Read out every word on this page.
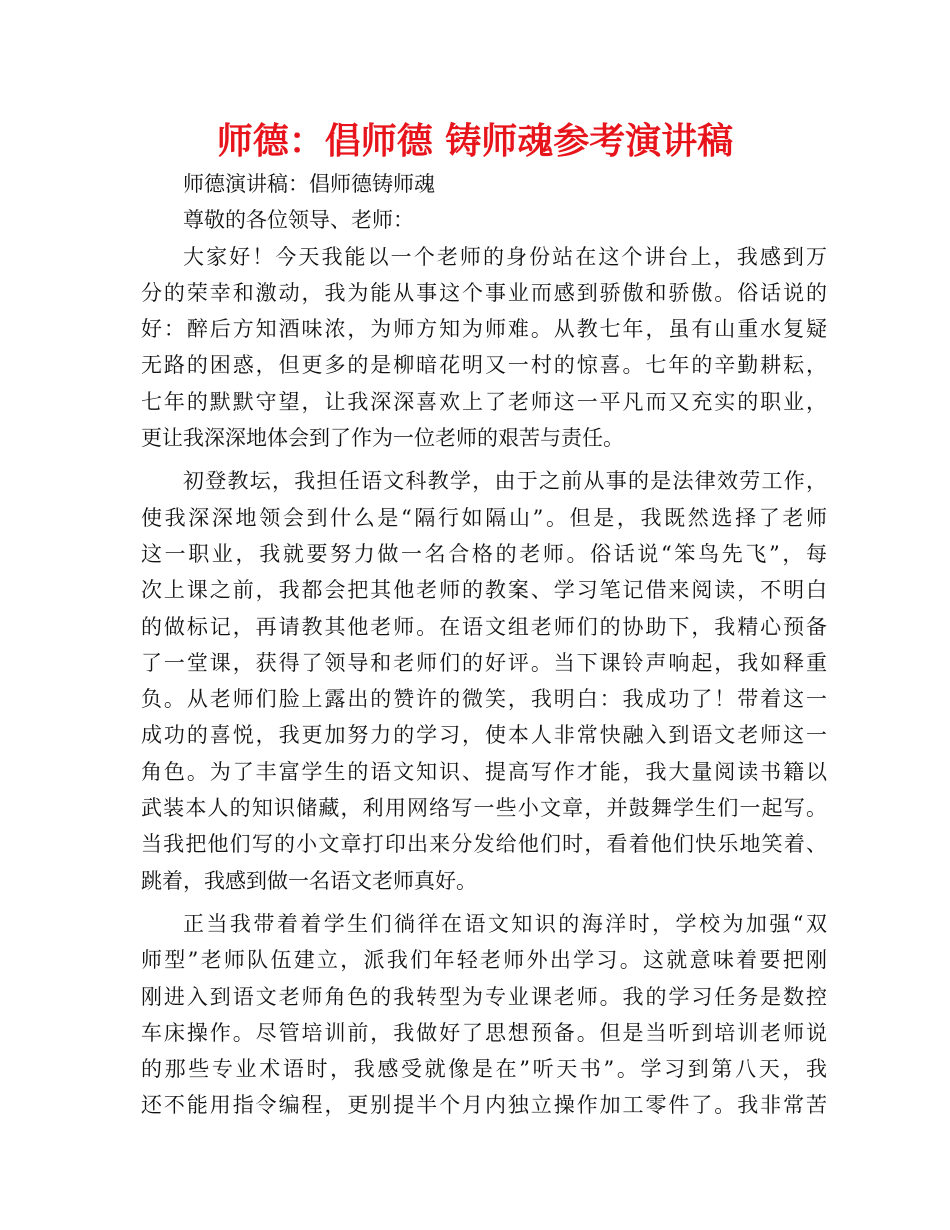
师德：倡师德 铸师魂参考演讲稿
师德演讲稿：倡师德铸师魂
尊敬的各位领导、老师：
大家好！今天我能以一个老师的身份站在这个讲台上，我感到万
分的荣幸和激动，我为能从事这个事业而感到骄傲和骄傲。俗话说的
好：醉后方知酒味浓，为师方知为师难。从教七年，虽有山重水复疑
无路的困惑，但更多的是柳暗花明又一村的惊喜。七年的辛勤耕耘，
七年的默默守望，让我深深喜欢上了老师这一平凡而又充实的职业，
更让我深深地体会到了作为一位老师的艰苦与责任。
初登教坛，我担任语文科教学，由于之前从事的是法律效劳工作，
使我深深地领会到什么是“隔行如隔山”。但是，我既然选择了老师
这一职业，我就要努力做一名合格的老师。俗话说“笨鸟先飞”，每
次上课之前，我都会把其他老师的教案、学习笔记借来阅读，不明白
的做标记，再请教其他老师。在语文组老师们的协助下，我精心预备
了一堂课，获得了领导和老师们的好评。当下课铃声响起，我如释重
负。从老师们脸上露出的赞许的微笑，我明白：我成功了！带着这一
成功的喜悦，我更加努力的学习，使本人非常快融入到语文老师这一
角色。为了丰富学生的语文知识、提高写作才能，我大量阅读书籍以
武装本人的知识储藏，利用网络写一些小文章，并鼓舞学生们一起写。
当我把他们写的小文章打印出来分发给他们时，看着他们快乐地笑着、
跳着，我感到做一名语文老师真好。
正当我带着着学生们徜徉在语文知识的海洋时，学校为加强“双
师型”老师队伍建立，派我们年轻老师外出学习。这就意味着要把刚
刚进入到语文老师角色的我转型为专业课老师。我的学习任务是数控
车床操作。尽管培训前，我做好了思想预备。但是当听到培训老师说
的那些专业术语时，我感受就像是在”听天书”。学习到第八天，我
还不能用指令编程，更别提半个月内独立操作加工零件了。我非常苦
